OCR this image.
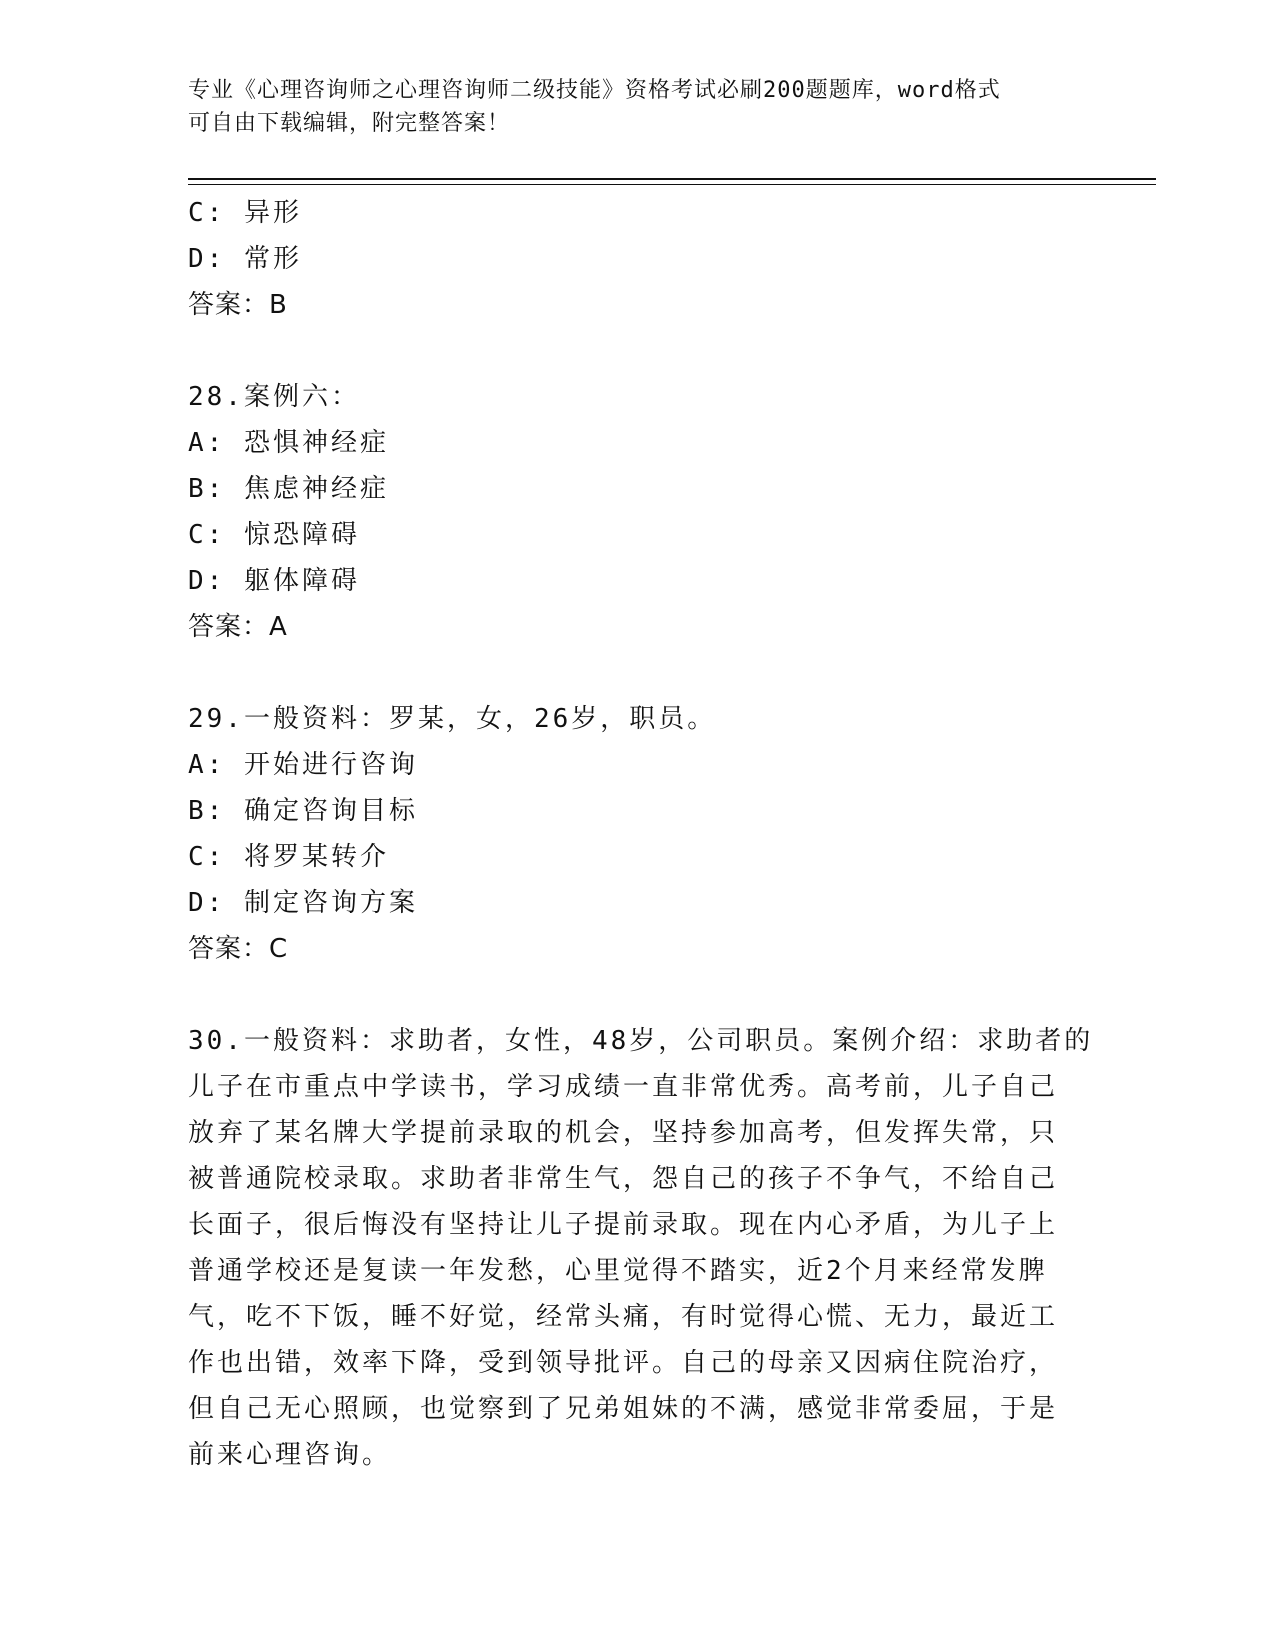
专业《心理咨询师之心理咨询师二级技能》资格考试必刷200题题库，word格式
可自由下载编辑，附完整答案！
C: 异形
D: 常形
答案：B
28.案例六：
A: 恐惧神经症
B: 焦虑神经症
C: 惊恐障碍
D: 躯体障碍
答案：A
29.一般资料：罗某，女，26岁，职员。
A: 开始进行咨询
B: 确定咨询目标
C: 将罗某转介
D: 制定咨询方案
答案：C
30.一般资料：求助者，女性，48岁，公司职员。案例介绍：求助者的
儿子在市重点中学读书，学习成绩一直非常优秀。高考前，儿子自己
放弃了某名牌大学提前录取的机会，坚持参加高考，但发挥失常，只
被普通院校录取。求助者非常生气，怨自己的孩子不争气，不给自己
长面子，很后悔没有坚持让儿子提前录取。现在内心矛盾，为儿子上
普通学校还是复读一年发愁，心里觉得不踏实，近2个月来经常发脾
气，吃不下饭，睡不好觉，经常头痛，有时觉得心慌、无力，最近工
作也出错，效率下降，受到领导批评。自己的母亲又因病住院治疗，
但自己无心照顾，也觉察到了兄弟姐妹的不满，感觉非常委屈，于是
前来心理咨询。
